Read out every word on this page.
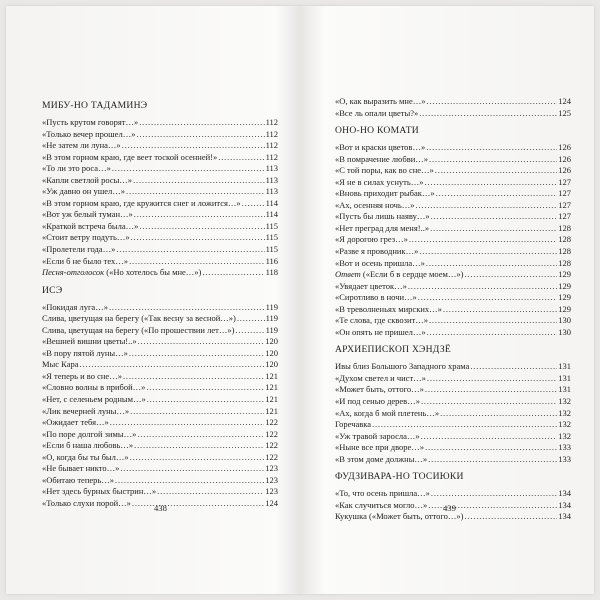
МИБУ-НО ТАДАМИНЭ
«Пусть крутом говорят…» . . .	112
«Только вечер прошел…» . . .	112
«Не затем ли луна…» . . .	112
«В этом горном краю, где веет тоской осенней!» . . .	112
«То ли это роса…» . . .	113
«Капли светлой росы…» . . .	113
«Уж давно он ушел…» . . .	113
«В этом горном краю, где кружится снег и ложится…» . . .	114
«Вот уж белый туман…» . . .	114
«Краткой встреча была…» . . .	115
«Стоит ветру подуть…» . . .	115
«Пролетели года…» . . .	115
«Если б не было тех…» . . .	116
Песня-отголосок («Но хотелось бы мне…») . . .	118
ИСЭ
«Покидая луга…» . . .	119
Слива, цветущая на берегу («Так весну за весной…») . . .	119
Слива, цветущая на берегу («По прошествии лет…») . . .	119
«Вешней вишни цветы!..» . . .	120
«В пору пятой луны…» . . .	120
Мыс Кара . . .	120
«Я теперь и во сне…» . . .	121
«Словно волны в прибой…» . . .	121
«Нет, с селеньем родным…» . . .	121
«Лик вечерней луны…» . . .	121
«Ожидает тебя…» . . .	122
«По поре долгой зимы…» . . .	122
«Если б наша любовь…» . . .	122
«О, когда бы ты был…» . . .	122
«Не бывает никто…» . . .	123
«Обитаю теперь…» . . .	123
«Нет здесь бурных быстрин…» . . .	123
«Только слухи порой…» . . .	124
«О, как выразить мне…» . . .	124
«Все ль опали цветы?» . . .	125
ОНО-НО КОМАТИ
«Вот и краски цветов…» . . .	126
«В помрачение любви…» . . .	126
«С той поры, как во сне…» . . .	126
«Я не в силах уснуть…» . . .	127
«Вновь приходит рыбак…» . . .	127
«Ах, осенняя ночь…» . . .	127
«Пусть бы лишь наяву…» . . .	127
«Нет преград для меня!..» . . .	128
«Я дорогою грез…» . . .	128
«Разве я проводник…» . . .	128
«Вот и осень пришла…» . . .	128
Ответ («Если б в сердце моем…») . . .	129
«Увядает цветок…» . . .	129
«Сиротливо в ночи…» . . .	129
«В треволненьях мирских…» . . .	129
«Те слова, где сквозит…» . . .	130
«Он опять не пришел…» . . .	130
АРХИЕПИСКОП ХЭНДЗЁ
Ивы близ Большого Западного храма . . .	131
«Духом светел и чист…» . . .	131
«Может быть, оттого…» . . .	131
«И под сенью дерев…» . . .	132
«Ах, когда б мой плетень…» . . .	132
Горечавка . . .	132
«Уж травой заросла…» . . .	132
«Ныне все при дворе…» . . .	133
«В этом доме должны…» . . .	133
ФУДЗИВАРА-НО ТОСИЮКИ
«То, что осень пришла…» . . .	134
«Как случиться могло…» . . .	134
Кукушка («Может быть, оттого…») . . .	134
438	439
